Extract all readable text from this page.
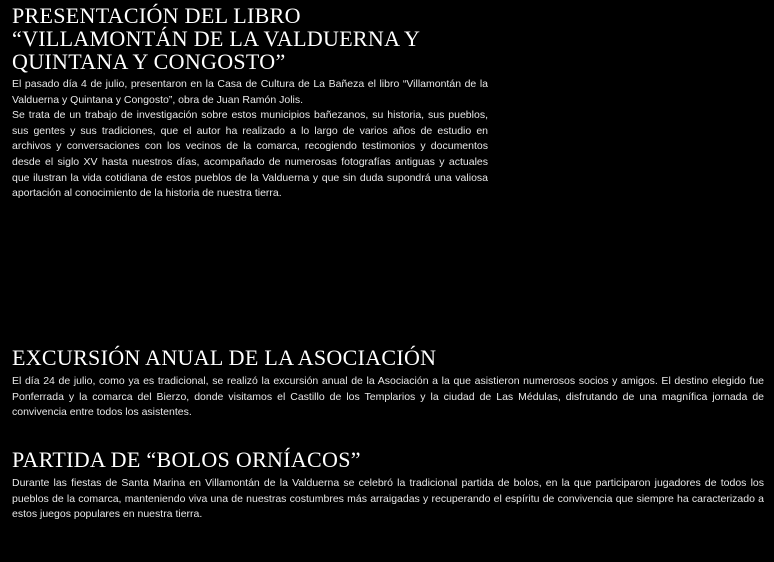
PRESENTACIÓN DEL LIBRO
“VILLAMONTÁN DE LA VALDUERNA Y
QUINTANA Y CONGOSTO”

El pasado día 4 de julio, presentaron en la Casa de Cultura de La Bañeza el libro “Villamontán de la Valduerna y Quintana y Congosto”, obra de Juan Ramón Jolis.

Se trata de un trabajo de investigación sobre estos municipios bañezanos, su historia, sus pueblos, sus gentes y sus tradiciones, que el autor ha realizado a lo largo de varios años de estudio en archivos y conversaciones con los vecinos de la comarca, recogiendo testimonios y documentos desde el siglo XV hasta nuestros días, acompañado de numerosas fotografías antiguas y actuales que ilustran la vida cotidiana de estos pueblos de la Valduerna y que sin duda supondrá una valiosa aportación al conocimiento de la historia de nuestra tierra.

EXCURSIÓN ANUAL DE LA ASOCIACIÓN

El día 24 de julio, como ya es tradicional, se realizó la excursión anual de la Asociación a la que asistieron numerosos socios y amigos. El destino elegido fue Ponferrada y la comarca del Bierzo, donde visitamos el Castillo de los Templarios y la ciudad de Las Médulas, disfrutando de una magnífica jornada de convivencia entre todos los asistentes.

PARTIDA DE “BOLOS ORNÍACOS”

Durante las fiestas de Santa Marina en Villamontán de la Valduerna se celebró la tradicional partida de bolos, en la que participaron jugadores de todos los pueblos de la comarca, manteniendo viva una de nuestras costumbres más arraigadas y recuperando el espíritu de convivencia que siempre ha caracterizado a estos juegos populares en nuestra tierra.
